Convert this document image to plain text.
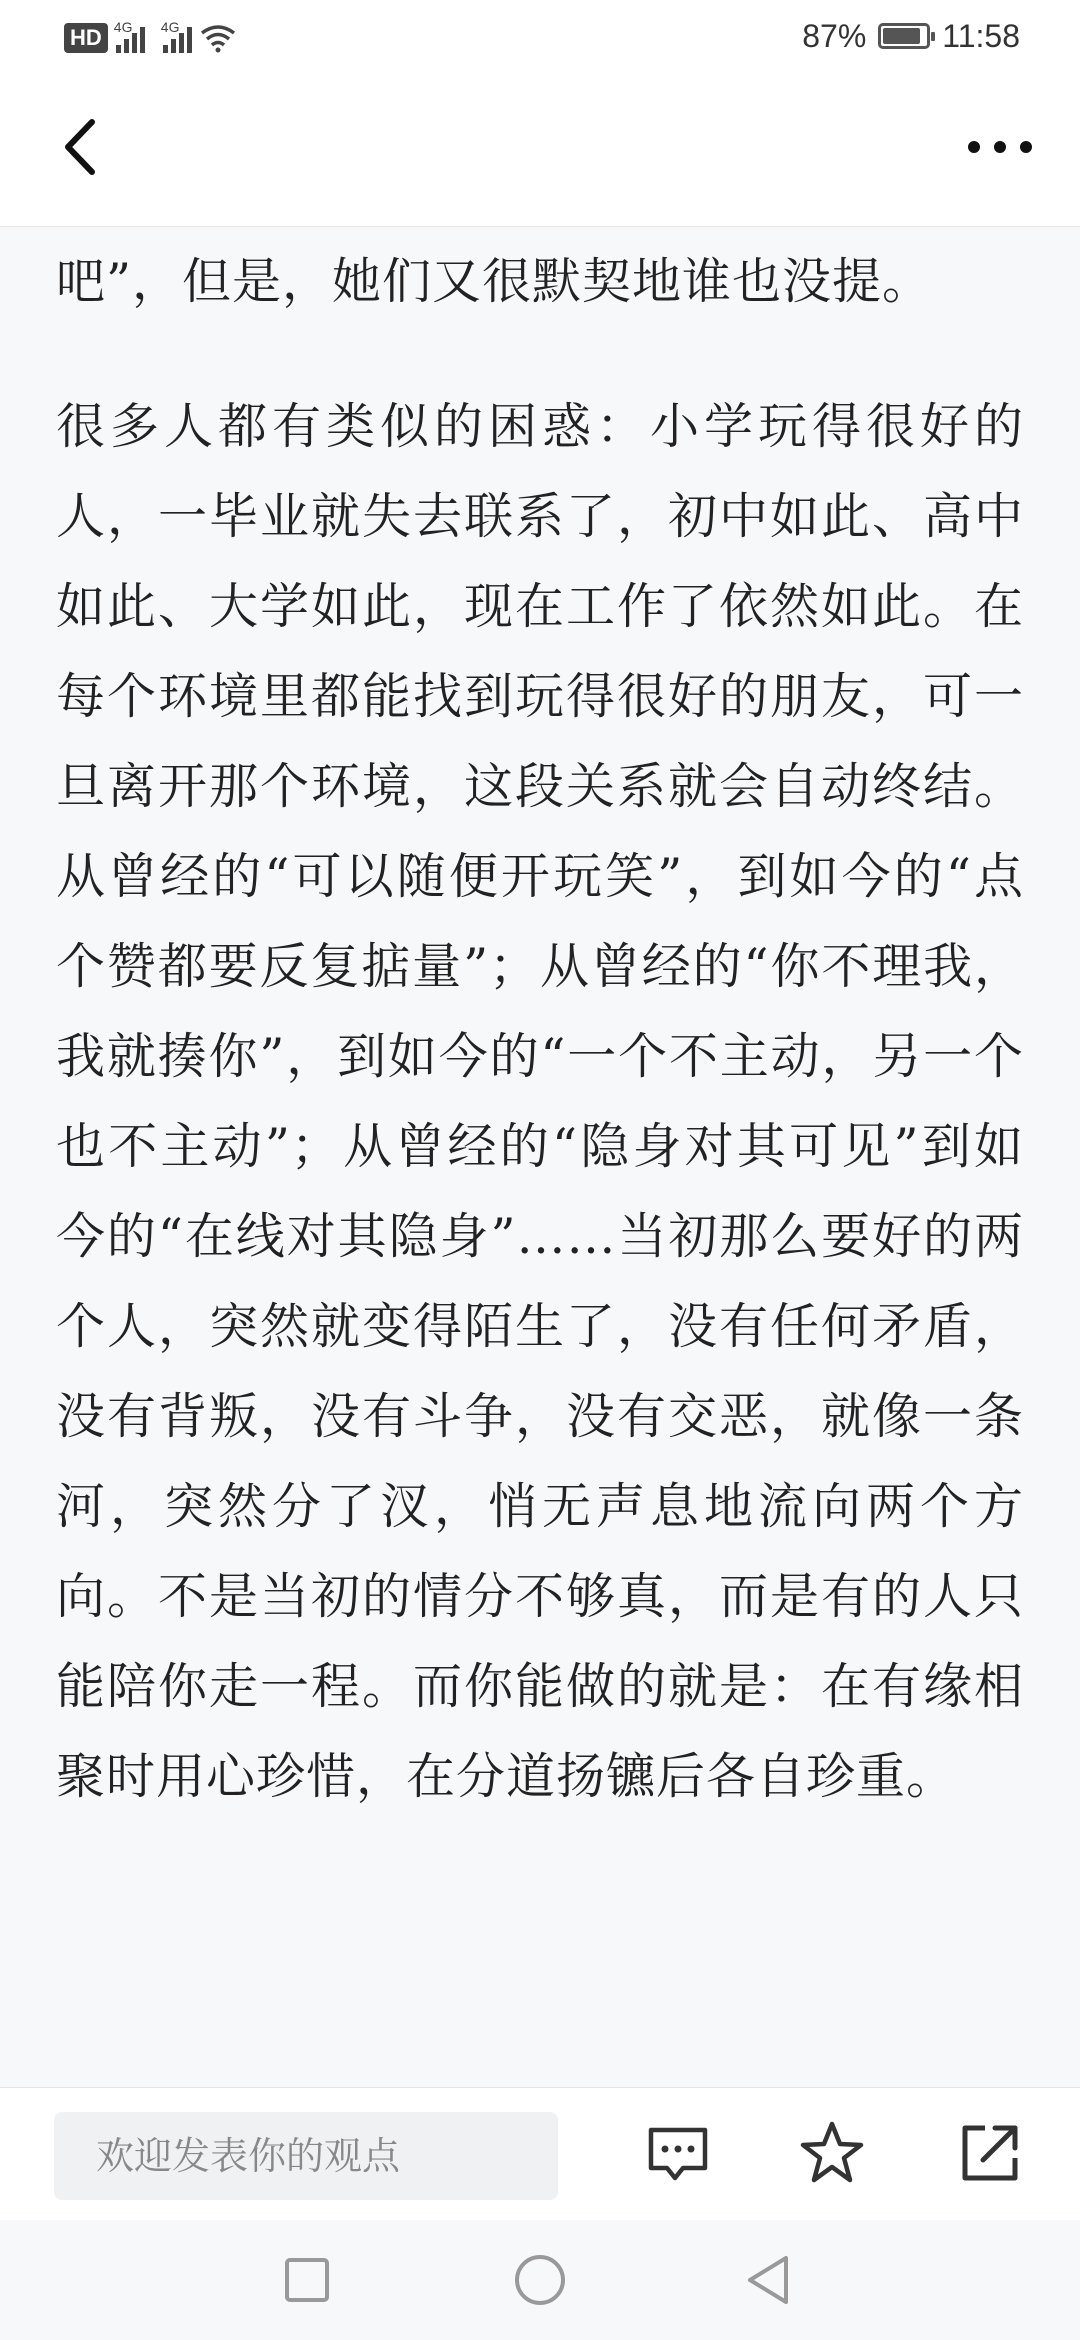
HD 4G 4G	87% 11:58

吧”，但是，她们又很默契地谁也没提。

很多人都有类似的困惑：小学玩得很好的人，一毕业就失去联系了，初中如此、高中如此、大学如此，现在工作了依然如此。在每个环境里都能找到玩得很好的朋友，可一旦离开那个环境，这段关系就会自动终结。从曾经的“可以随便开玩笑”，到如今的“点个赞都要反复掂量”；从曾经的“你不理我，我就揍你”，到如今的“一个不主动，另一个也不主动”；从曾经的“隐身对其可见”到如今的“在线对其隐身”……当初那么要好的两个人，突然就变得陌生了，没有任何矛盾，没有背叛，没有斗争，没有交恶，就像一条河，突然分了汊，悄无声息地流向两个方向。不是当初的情分不够真，而是有的人只能陪你走一程。而你能做的就是：在有缘相聚时用心珍惜，在分道扬镳后各自珍重。

欢迎发表你的观点
